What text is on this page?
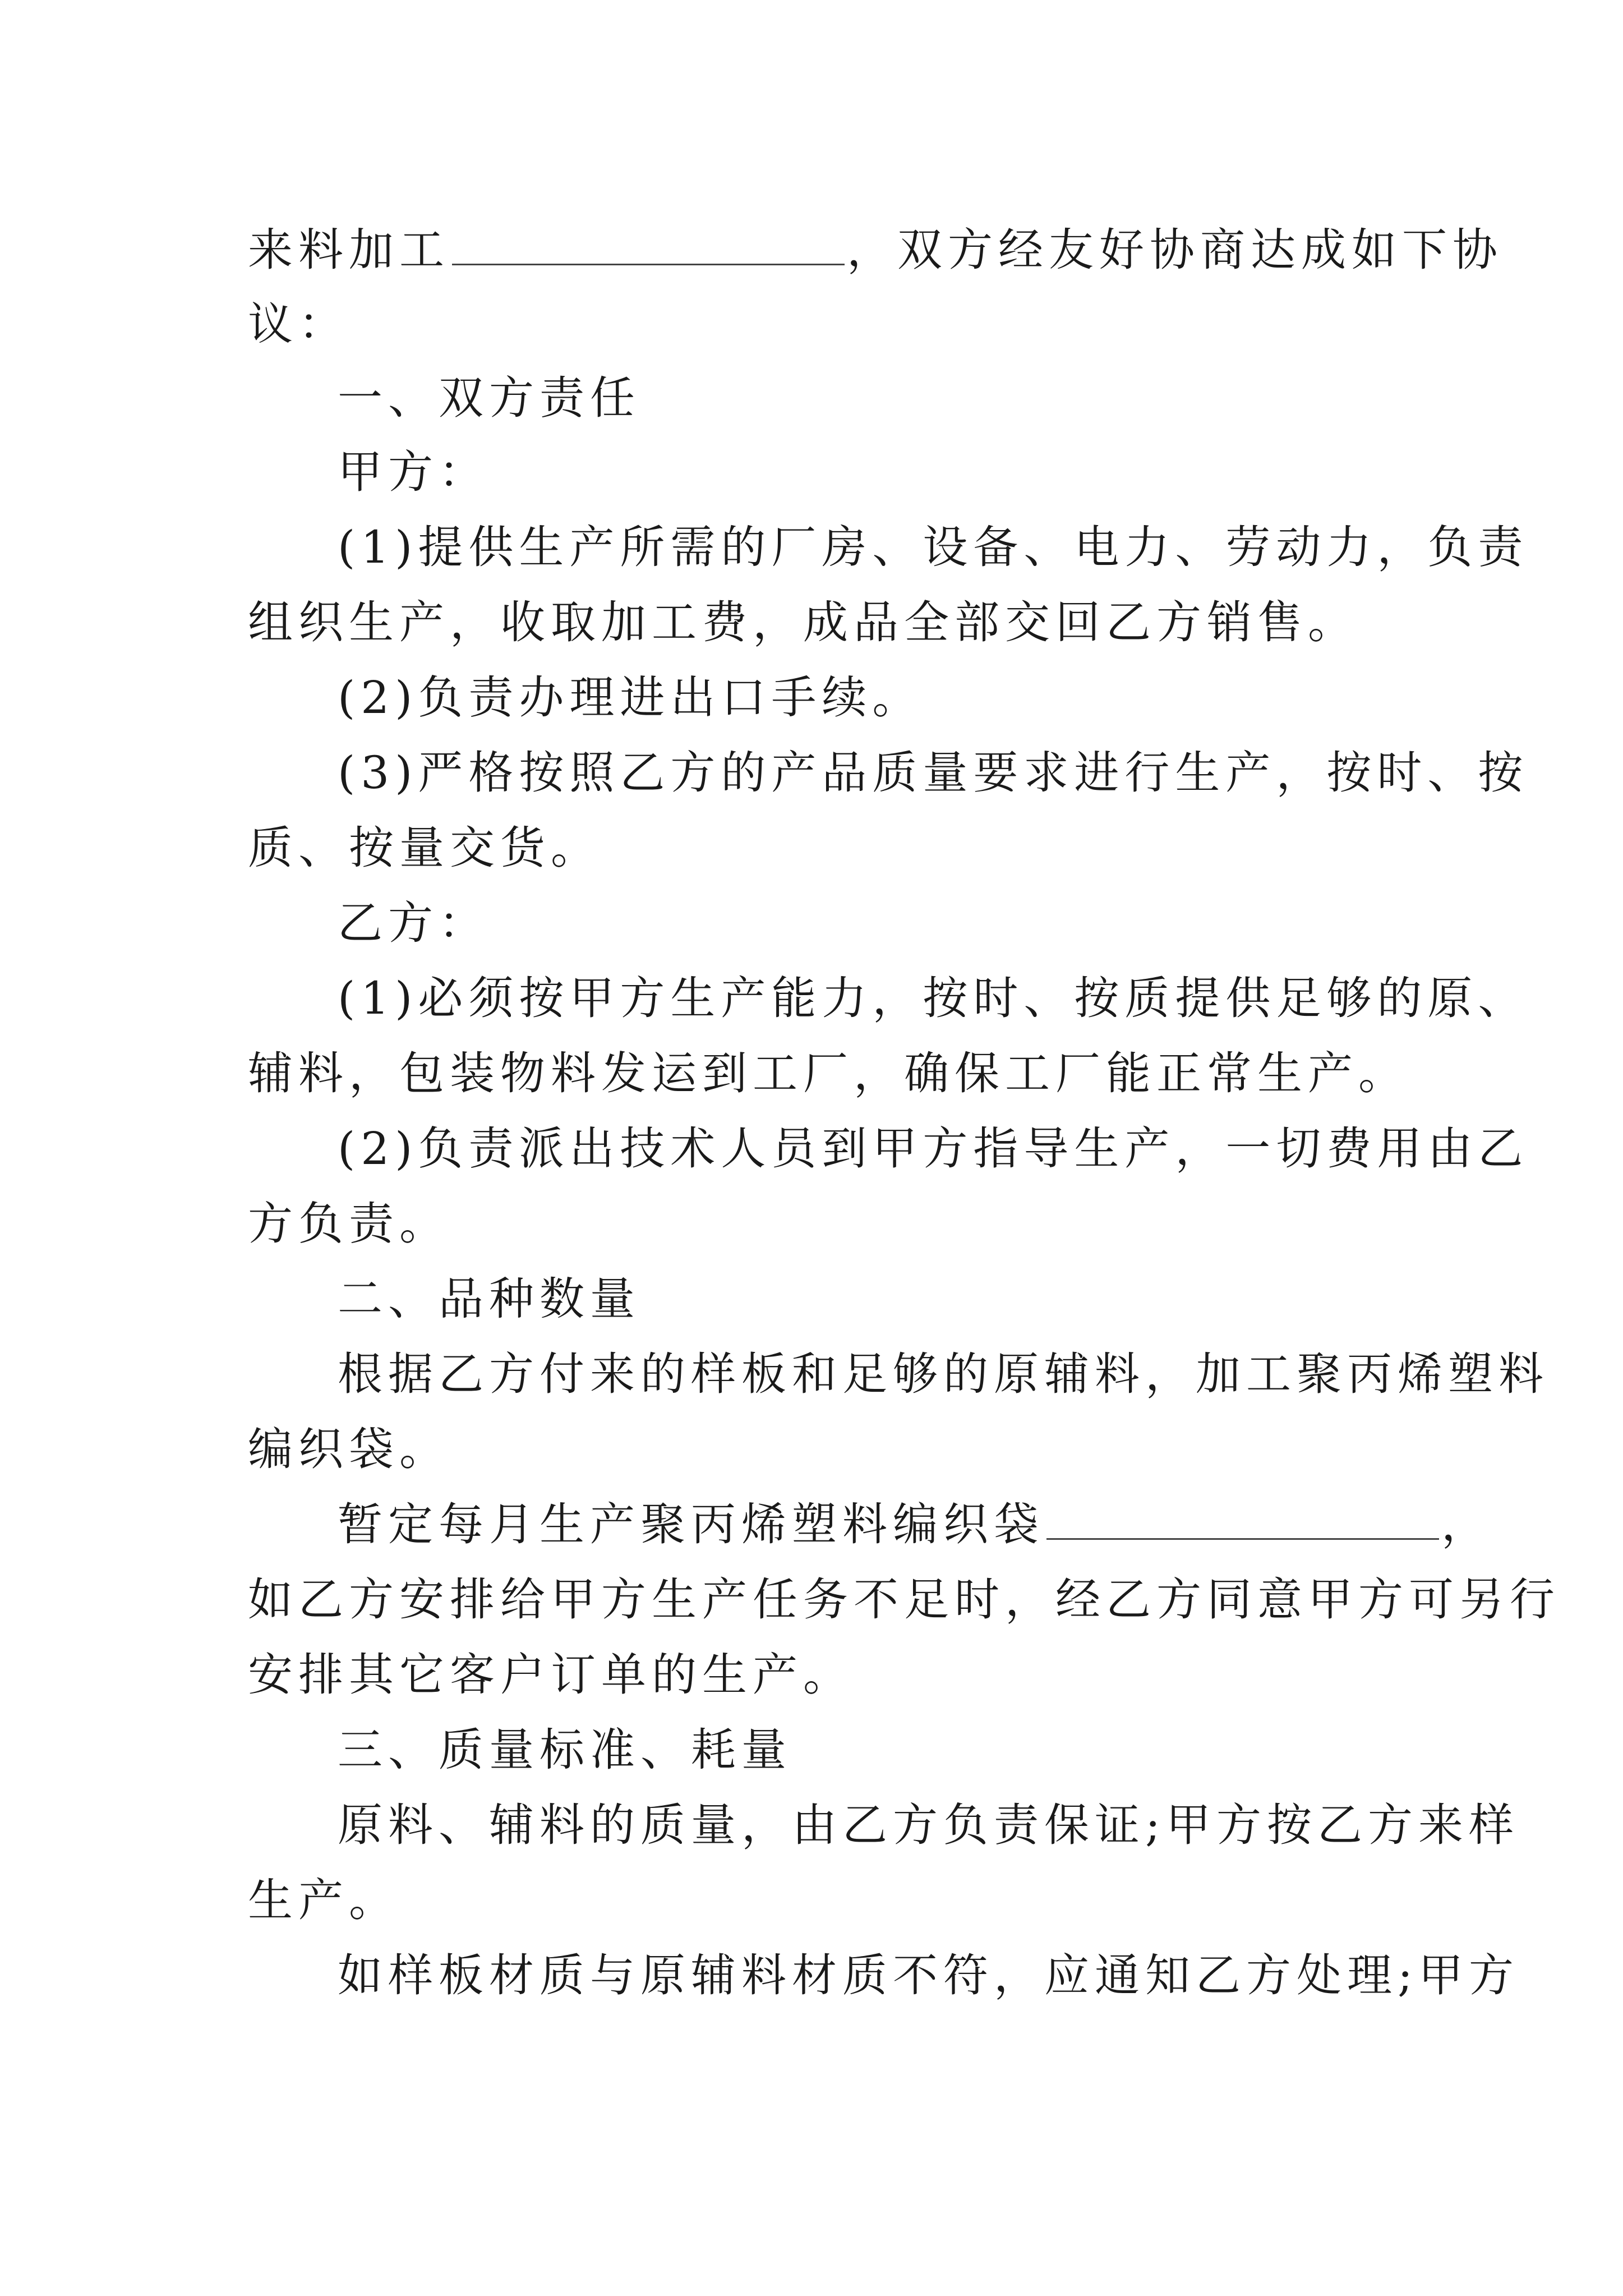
来料加工	，双方经友好协商达成如下协
议：
一、双方责任
甲方：
(1)提供生产所需的厂房、设备、电力、劳动力，负责
组织生产，收取加工费，成品全部交回乙方销售。
(2)负责办理进出口手续。
(3)严格按照乙方的产品质量要求进行生产，按时、按
质、按量交货。
乙方：
(1)必须按甲方生产能力，按时、按质提供足够的原、
辅料，包装物料发运到工厂，确保工厂能正常生产。
(2)负责派出技术人员到甲方指导生产，一切费用由乙
方负责。
二、品种数量
根据乙方付来的样板和足够的原辅料，加工聚丙烯塑料
编织袋。
暂定每月生产聚丙烯塑料编织袋	，
如乙方安排给甲方生产任务不足时，经乙方同意甲方可另行
安排其它客户订单的生产。
三、质量标准、耗量
原料、辅料的质量，由乙方负责保证;甲方按乙方来样
生产。
如样板材质与原辅料材质不符，应通知乙方处理;甲方
